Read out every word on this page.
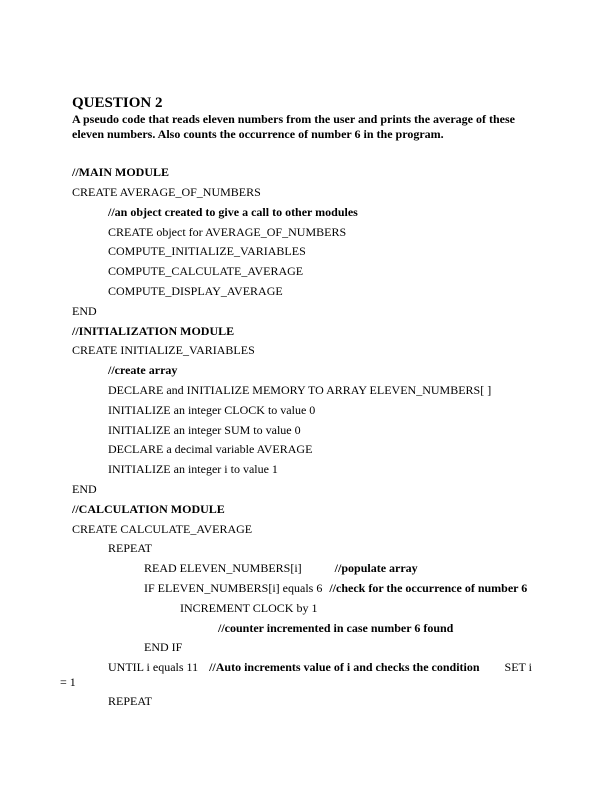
QUESTION 2
A pseudo code that reads eleven numbers from the user and prints the average of these eleven numbers. Also counts the occurrence of number 6 in the program.
//MAIN MODULE
CREATE AVERAGE_OF_NUMBERS
//an object created to give a call to other modules
CREATE object for AVERAGE_OF_NUMBERS
COMPUTE_INITIALIZE_VARIABLES
COMPUTE_CALCULATE_AVERAGE
COMPUTE_DISPLAY_AVERAGE
END
//INITIALIZATION MODULE
CREATE INITIALIZE_VARIABLES
//create array
DECLARE and INITIALIZE MEMORY TO ARRAY ELEVEN_NUMBERS[ ]
INITIALIZE an integer CLOCK to value 0
INITIALIZE an integer SUM to value 0
DECLARE a decimal variable AVERAGE
INITIALIZE an integer i to value 1
END
//CALCULATION MODULE
CREATE CALCULATE_AVERAGE
REPEAT
READ ELEVEN_NUMBERS[i]	//populate array
IF ELEVEN_NUMBERS[i] equals 6 //check for the occurrence of number 6
INCREMENT CLOCK by 1
//counter incremented in case number 6 found
END IF
UNTIL i equals 11 //Auto increments value of i and checks the condition SET i
= 1
REPEAT
